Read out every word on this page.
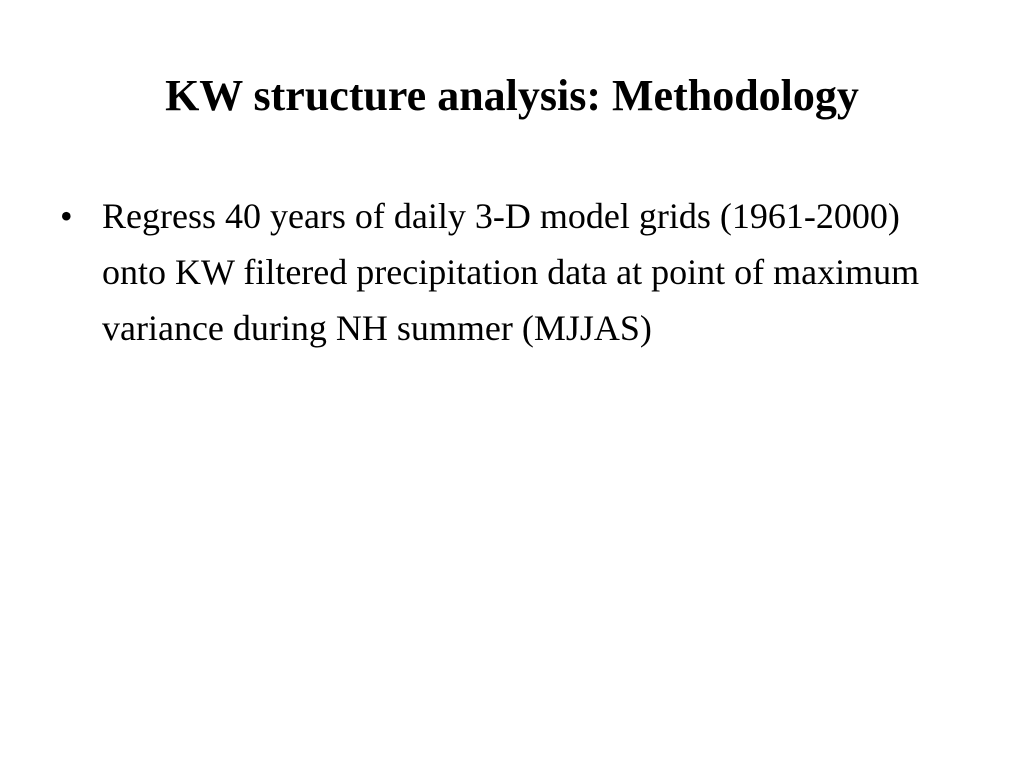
KW structure analysis: Methodology
• Regress 40 years of daily 3-D model grids (1961-2000) onto KW filtered precipitation data at point of maximum variance during NH summer (MJJAS)
